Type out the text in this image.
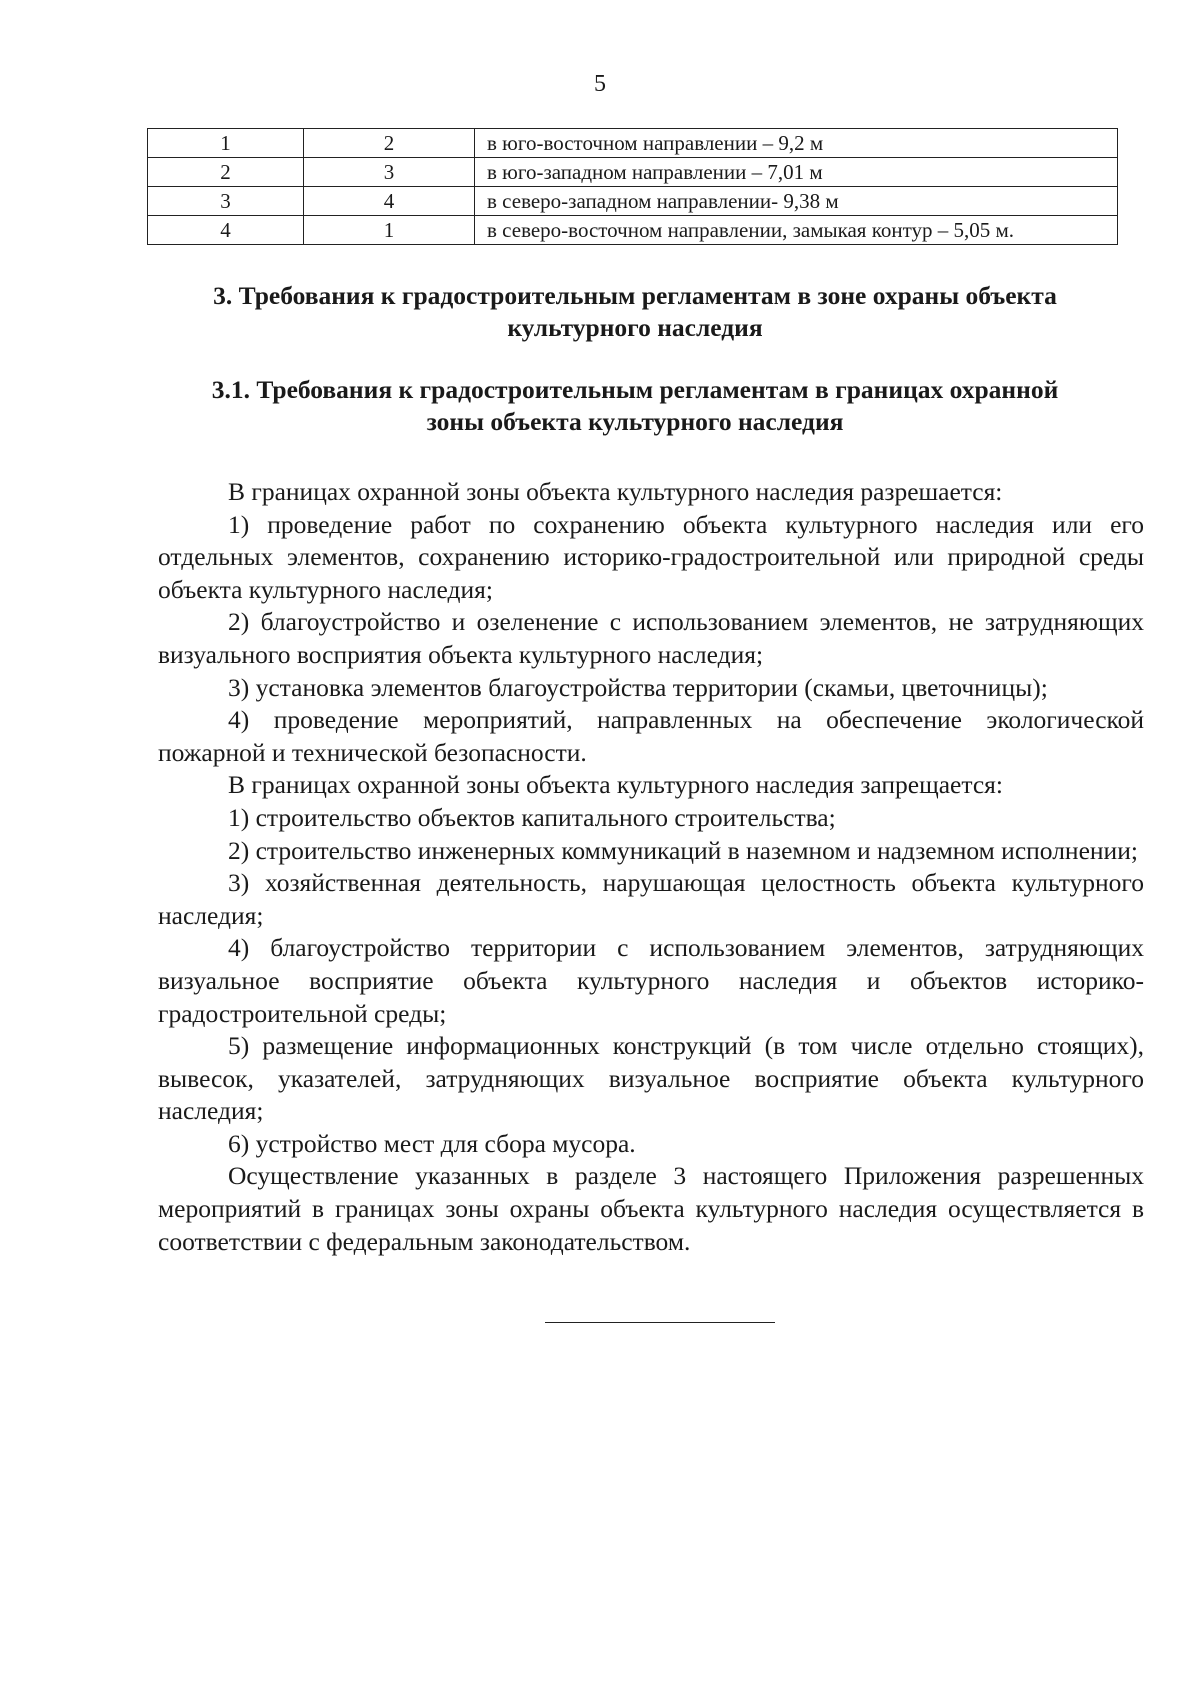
5
1	2	в юго-восточном направлении – 9,2 м
2	3	в юго-западном направлении – 7,01 м
3	4	в северо-западном направлении- 9,38 м
4	1	в северо-восточном направлении, замыкая контур – 5,05 м.
3. Требования к градостроительным регламентам в зоне охраны объекта
культурного наследия
3.1. Требования к градостроительным регламентам в границах охранной
зоны объекта культурного наследия

В границах охранной зоны объекта культурного наследия разрешается:

1) проведение работ по сохранению объекта культурного наследия или его отдельных элементов, сохранению историко-градостроительной или природной среды объекта культурного наследия;

2) благоустройство и озеленение с использованием элементов, не затрудняющих визуального восприятия объекта культурного наследия;

3) установка элементов благоустройства территории (скамьи, цветочницы);

4) проведение мероприятий, направленных на обеспечение экологической пожарной и технической безопасности.

В границах охранной зоны объекта культурного наследия запрещается:

1) строительство объектов капитального строительства;

2) строительство инженерных коммуникаций в наземном и надземном исполнении;

3) хозяйственная деятельность, нарушающая целостность объекта культурного наследия;

4) благоустройство территории с использованием элементов, затрудняющих визуальное восприятие объекта культурного наследия и объектов историко-градостроительной среды;

5) размещение информационных конструкций (в том числе отдельно стоящих), вывесок, указателей, затрудняющих визуальное восприятие объекта культурного наследия;

6) устройство мест для сбора мусора.

Осуществление указанных в разделе 3 настоящего Приложения разрешенных мероприятий в границах зоны охраны объекта культурного наследия осуществляется в соответствии с федеральным законодательством.
